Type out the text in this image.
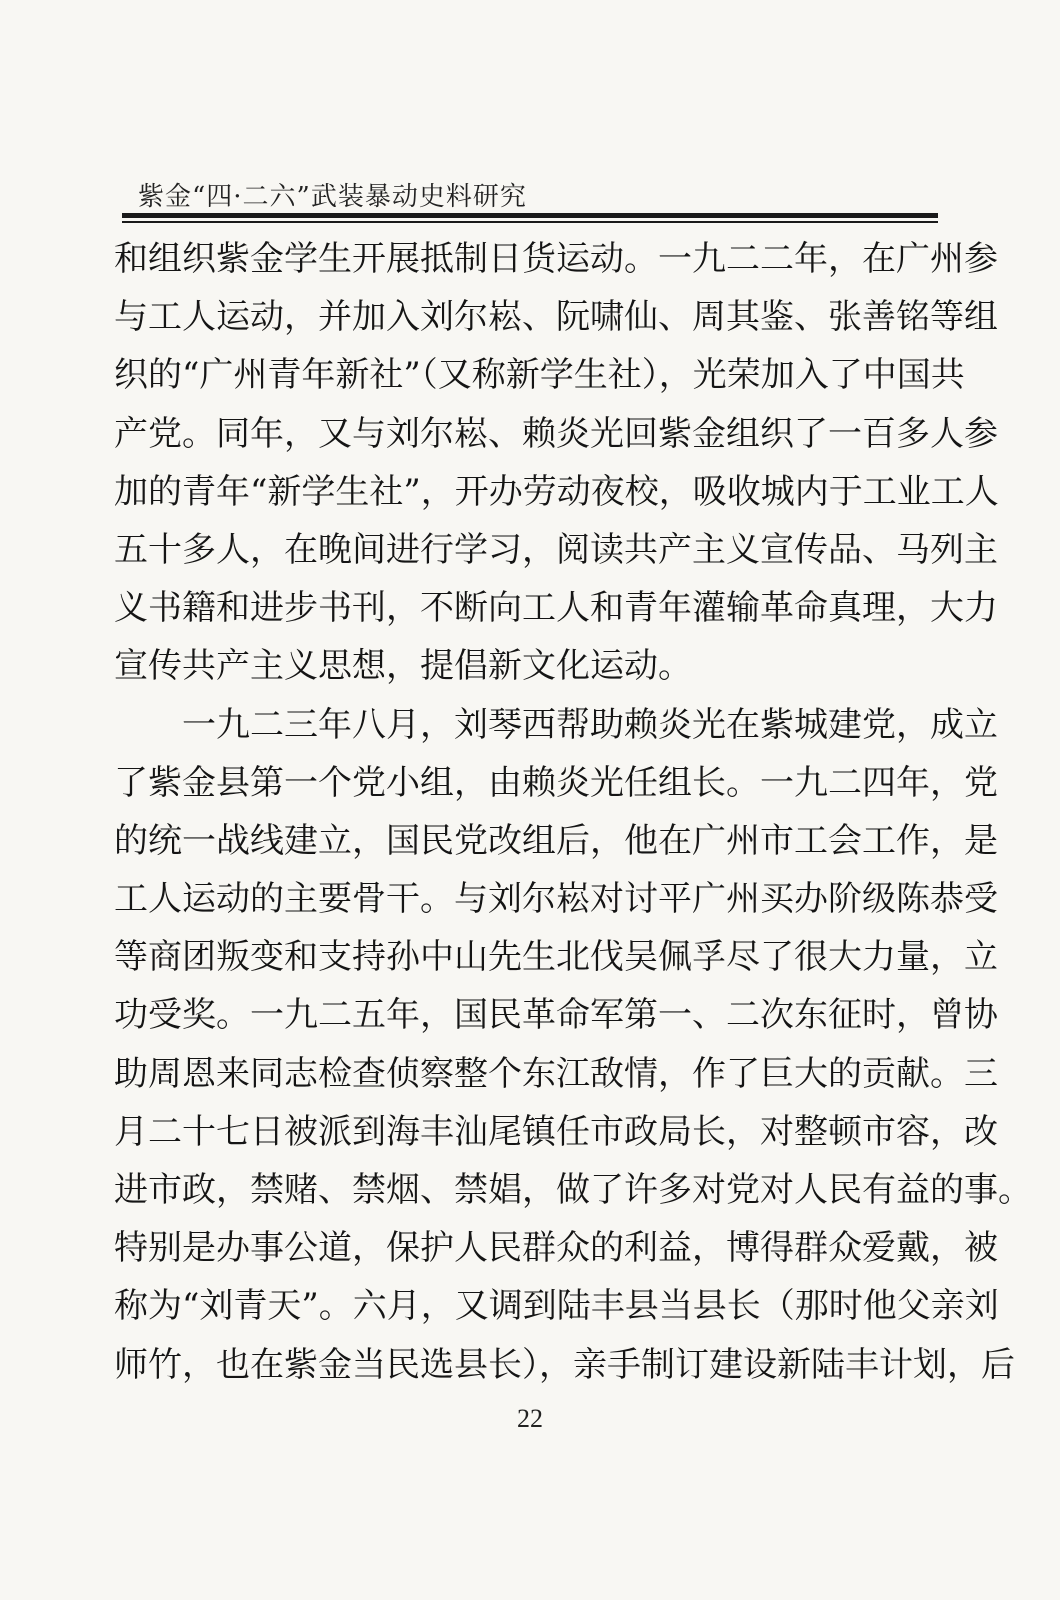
紫金“四·二六”武装暴动史料研究
和组织紫金学生开展抵制日货运动。一九二二年，在广州参
与工人运动，并加入刘尔崧、阮啸仙、周其鉴、张善铭等组
织的“广州青年新社”（又称新学生社），光荣加入了中国共
产党。同年，又与刘尔崧、赖炎光回紫金组织了一百多人参
加的青年“新学生社”，开办劳动夜校，吸收城内于工业工人
五十多人，在晚间进行学习，阅读共产主义宣传品、马列主
义书籍和进步书刊，不断向工人和青年灌输革命真理，大力
宣传共产主义思想，提倡新文化运动。
　　一九二三年八月，刘琴西帮助赖炎光在紫城建党，成立
了紫金县第一个党小组，由赖炎光任组长。一九二四年，党
的统一战线建立，国民党改组后，他在广州市工会工作，是
工人运动的主要骨干。与刘尔崧对讨平广州买办阶级陈恭受
等商团叛变和支持孙中山先生北伐吴佩孚尽了很大力量，立
功受奖。一九二五年，国民革命军第一、二次东征时，曾协
助周恩来同志检查侦察整个东江敌情，作了巨大的贡献。三
月二十七日被派到海丰汕尾镇任市政局长，对整顿市容，改
进市政，禁赌、禁烟、禁娼，做了许多对党对人民有益的事。
特别是办事公道，保护人民群众的利益，博得群众爱戴，被
称为“刘青天”。六月，又调到陆丰县当县长（那时他父亲刘
师竹，也在紫金当民选县长），亲手制订建设新陆丰计划，后
22
